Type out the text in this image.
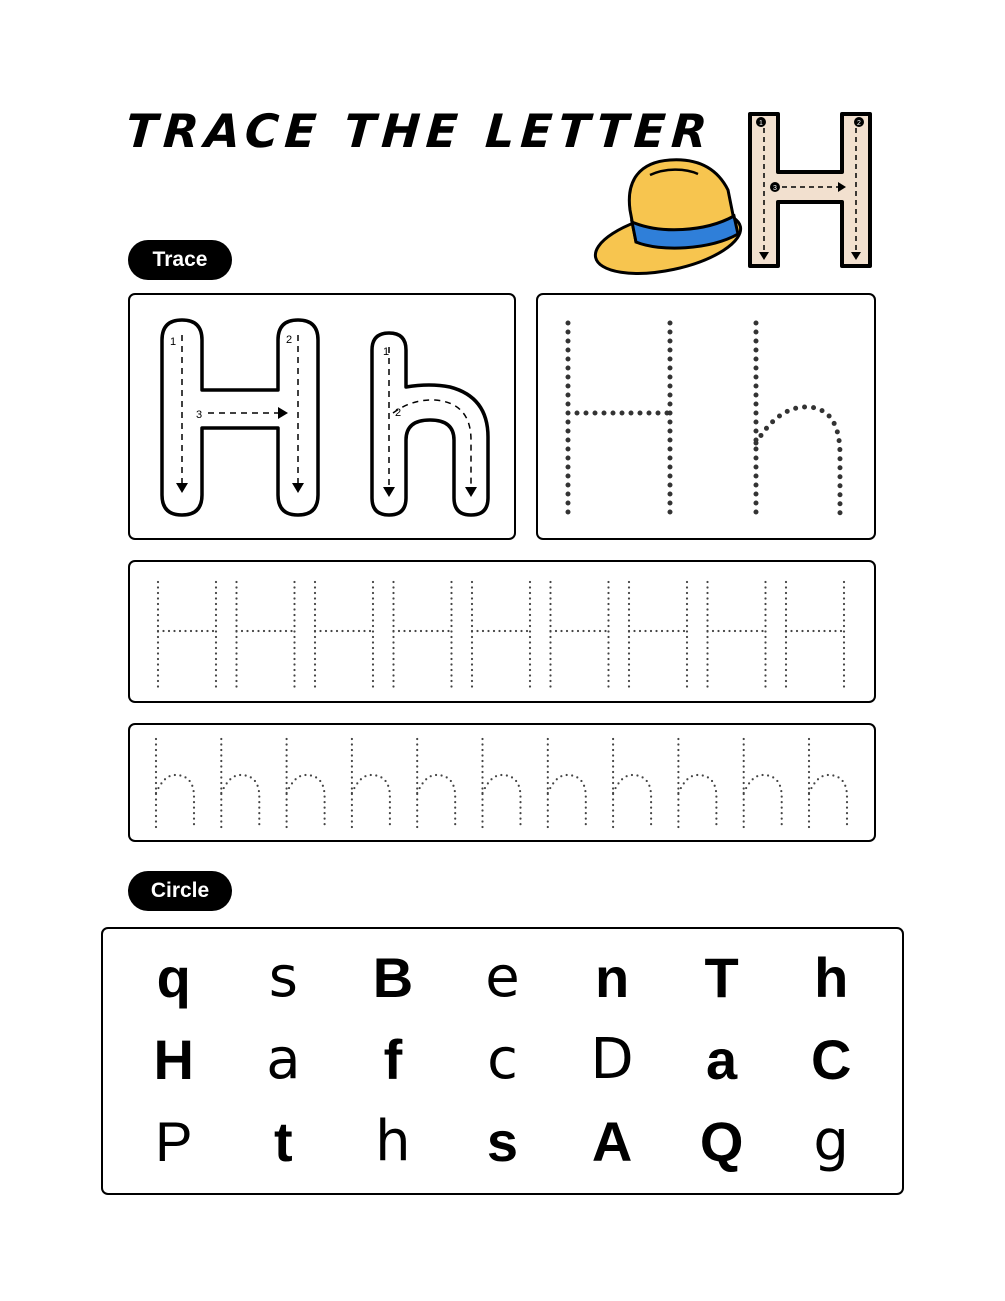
TRACE THE LETTER	1	2
3
Trace
1	2
3
1
2
Circle
q	s	B	e	n	T	h
H	a	f	c	D	a	C
P	t	h	s	A	Q	g
